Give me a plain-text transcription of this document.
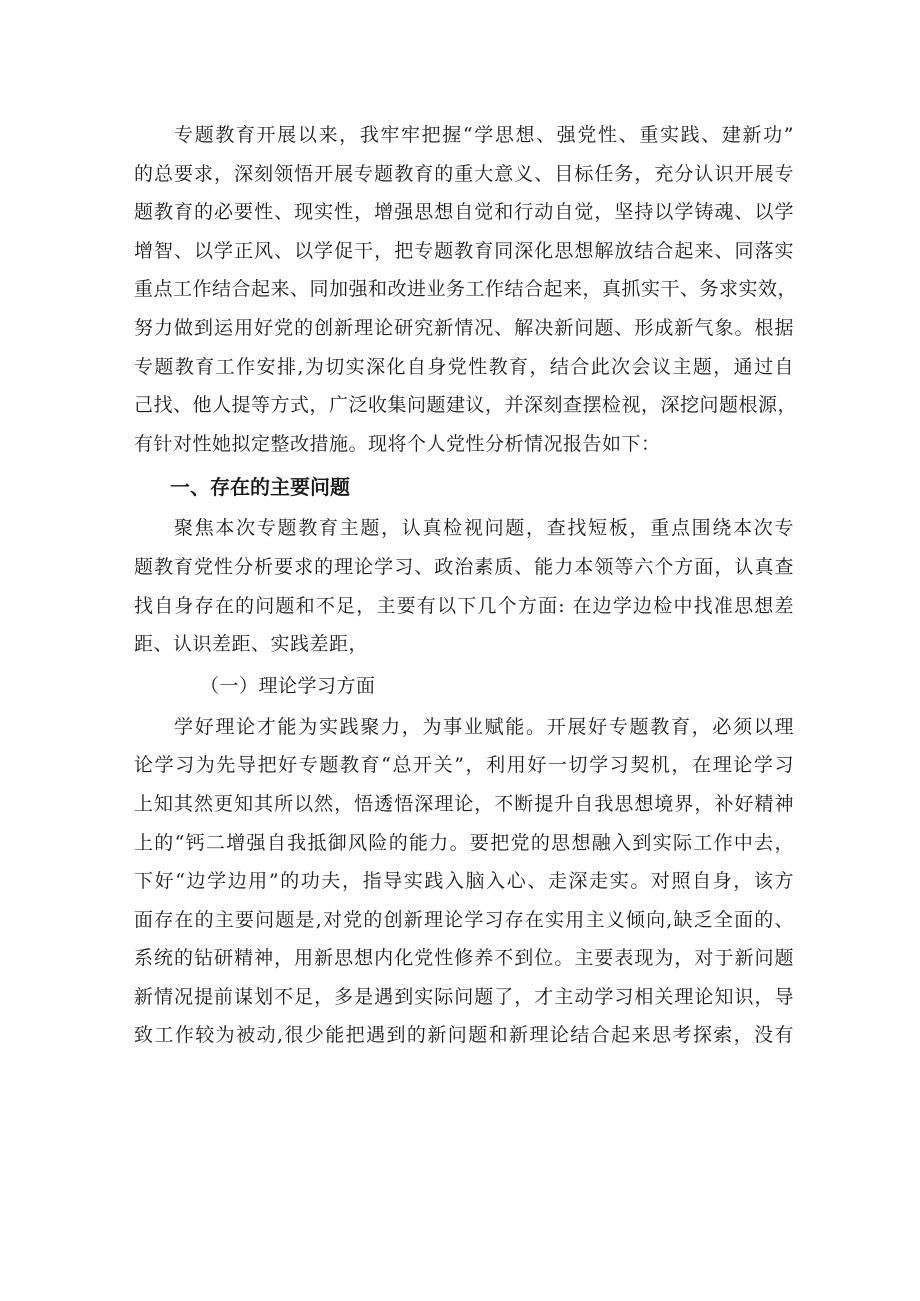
专题教育开展以来，我牢牢把握“学思想、强党性、重实践、建新功”
的总要求，深刻领悟开展专题教育的重大意义、目标任务，充分认识开展专
题教育的必要性、现实性，增强思想自觉和行动自觉，坚持以学铸魂、以学
增智、以学正风、以学促干，把专题教育同深化思想解放结合起来、同落实
重点工作结合起来、同加强和改进业务工作结合起来，真抓实干、务求实效，
努力做到运用好党的创新理论研究新情况、解决新问题、形成新气象。根据
专题教育工作安排,为切实深化自身党性教育，结合此次会议主题，通过自
己找、他人提等方式，广泛收集问题建议，并深刻查摆检视，深挖问题根源，
有针对性她拟定整改措施。现将个人党性分析情况报告如下：
一、存在的主要问题
聚焦本次专题教育主题，认真检视问题，查找短板，重点围绕本次专
题教育党性分析要求的理论学习、政治素质、能力本领等六个方面，认真查
找自身存在的问题和不足，主要有以下几个方面: 在边学边检中找准思想差
距、认识差距、实践差距，
（一）理论学习方面
学好理论才能为实践聚力，为事业赋能。开展好专题教育，必须以理
论学习为先导把好专题教育“总开关”，利用好一切学习契机，在理论学习
上知其然更知其所以然，悟透悟深理论，不断提升自我思想境界，补好精神
上的“钙二增强自我抵御风险的能力。要把党的思想融入到实际工作中去，
下好“边学边用”的功夫，指导实践入脑入心、走深走实。对照自身，该方
面存在的主要问题是,对党的创新理论学习存在实用主义倾向,缺乏全面的、
系统的钻研精神，用新思想内化党性修养不到位。主要表现为，对于新问题
新情况提前谋划不足，多是遇到实际问题了，才主动学习相关理论知识，导
致工作较为被动,很少能把遇到的新问题和新理论结合起来思考探索，没有
